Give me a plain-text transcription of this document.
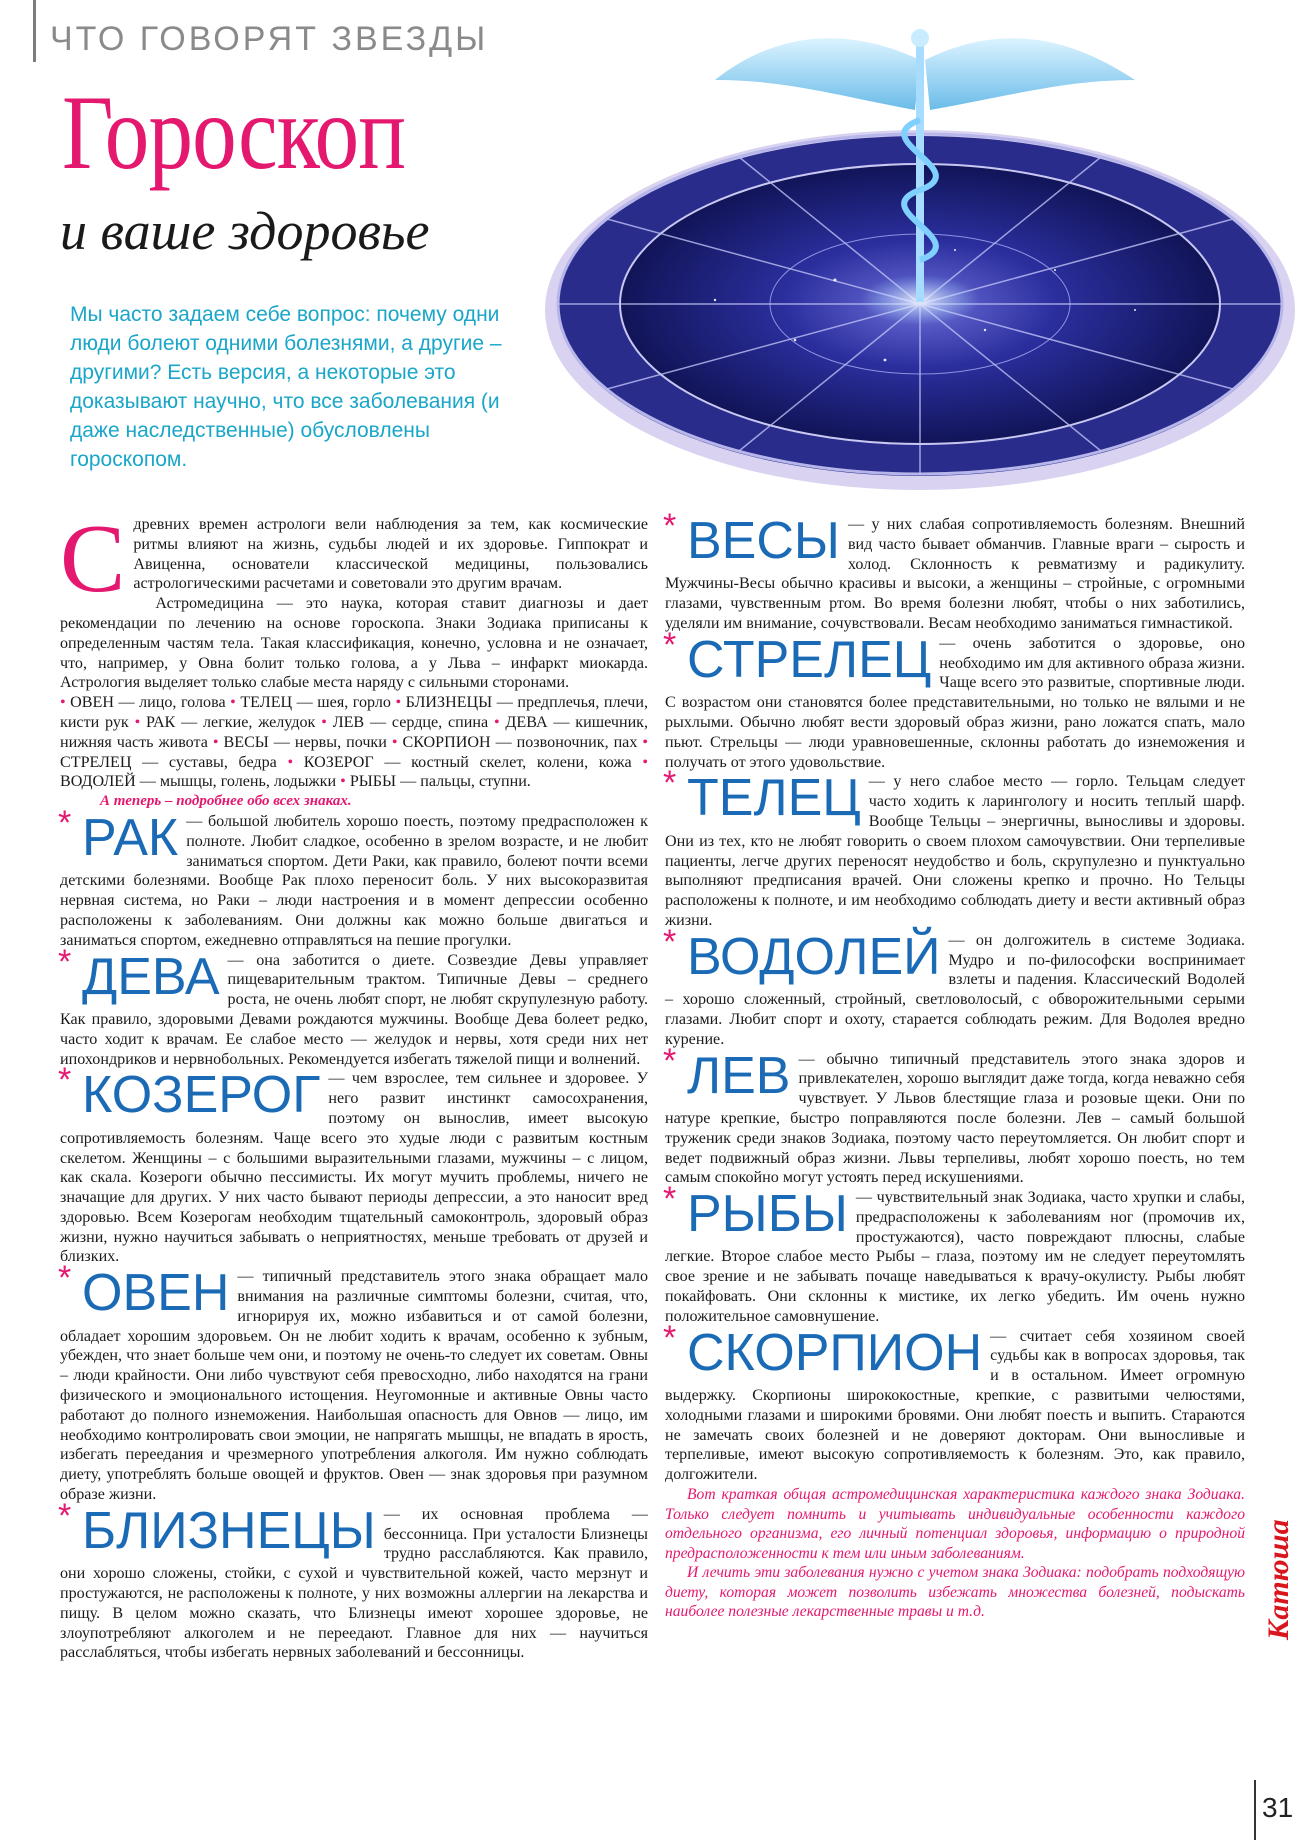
ЧТО ГОВОРЯТ ЗВЕЗДЫ
Гороскоп
и ваше здоровье
Мы часто задаем себе вопрос: почему одни люди болеют одними болезнями, а другие – другими? Есть версия, а некоторые это доказывают научно, что все заболевания (и даже наследственные) обусловлены гороскопом.
С древних времен астрологи вели наблюдения за тем, как космические ритмы влияют на жизнь, судьбы людей и их здоровье. Гиппократ и Авиценна, основатели классической медицины, пользовались астрологическими расчетами и советовали это другим врачам.

Астромедицина — это наука, которая ставит диагнозы и дает рекомендации по лечению на основе гороскопа. Знаки Зодиака приписаны к определенным частям тела. Такая классификация, конечно, условна и не означает, что, например, у Овна болит только голова, а у Льва – инфаркт миокарда. Астрология выделяет только слабые места наряду с сильными сторонами.

• ОВЕН — лицо, голова • ТЕЛЕЦ — шея, горло • БЛИЗНЕЦЫ — предплечья, плечи, кисти рук • РАК — легкие, желудок • ЛЕВ — сердце, спина • ДЕВА — кишечник, нижняя часть живота • ВЕСЫ — нервы, почки • СКОРПИОН — позвоночник, пах • СТРЕЛЕЦ — суставы, бедра • КОЗЕРОГ — костный скелет, колени, кожа • ВОДОЛЕЙ — мышцы, голень, лодыжки • РЫБЫ — пальцы, ступни.

А теперь – подробнее обо всех знаках.

* РАК — большой любитель хорошо поесть, поэтому предрасположен к полноте. Любит сладкое, особенно в зрелом возрасте, и не любит заниматься спортом. Дети Раки, как правило, болеют почти всеми детскими болезнями. Вообще Рак плохо переносит боль. У них высокоразвитая нервная система, но Раки – люди настроения и в момент депрессии особенно расположены к заболеваниям. Они должны как можно больше двигаться и заниматься спортом, ежедневно отправляться на пешие прогулки.

* ДЕВА — она заботится о диете. Созвездие Девы управляет пищеварительным трактом. Типичные Девы – среднего роста, не очень любят спорт, не любят скрупулезную работу. Как правило, здоровыми Девами рождаются мужчины. Вообще Дева болеет редко, часто ходит к врачам. Ее слабое место — желудок и нервы, хотя среди них нет ипохондриков и нервнобольных. Рекомендуется избегать тяжелой пищи и волнений.

* КОЗЕРОГ — чем взрослее, тем сильнее и здоровее. У него развит инстинкт самосохранения, поэтому он вынослив, имеет высокую сопротивляемость болезням. Чаще всего это худые люди с развитым костным скелетом. Женщины – с большими выразительными глазами, мужчины – с лицом, как скала. Козероги обычно пессимисты. Их могут мучить проблемы, ничего не значащие для других. У них часто бывают периоды депрессии, а это наносит вред здоровью. Всем Козерогам необходим тщательный самоконтроль, здоровый образ жизни, нужно научиться забывать о неприятностях, меньше требовать от друзей и близких.

* ОВЕН — типичный представитель этого знака обращает мало внимания на различные симптомы болезни, считая, что, игнорируя их, можно избавиться и от самой болезни, обладает хорошим здоровьем. Он не любит ходить к врачам, особенно к зубным, убежден, что знает больше чем они, и поэтому не очень-то следует их советам. Овны – люди крайности. Они либо чувствуют себя превосходно, либо находятся на грани физического и эмоционального истощения. Неугомонные и активные Овны часто работают до полного изнеможения. Наибольшая опасность для Овнов — лицо, им необходимо контролировать свои эмоции, не напрягать мышцы, не впадать в ярость, избегать переедания и чрезмерного употребления алкоголя. Им нужно соблюдать диету, употреблять больше овощей и фруктов. Овен — знак здоровья при разумном образе жизни.

* БЛИЗНЕЦЫ — их основная проблема — бессонница. При усталости Близнецы трудно расслабляются. Как правило, они хорошо сложены, стойки, с сухой и чувствительной кожей, часто мерзнут и простужаются, не расположены к полноте, у них возможны аллергии на лекарства и пищу. В целом можно сказать, что Близнецы имеют хорошее здоровье, не злоупотребляют алкоголем и не переедают. Главное для них — научиться расслабляться, чтобы избегать нервных заболеваний и бессонницы.

* ВЕСЫ — у них слабая сопротивляемость болезням. Внешний вид часто бывает обманчив. Главные враги – сырость и холод. Склонность к ревматизму и радикулиту. Мужчины-Весы обычно красивы и высоки, а женщины – стройные, с огромными глазами, чувственным ртом. Во время болезни любят, чтобы о них заботились, уделяли им внимание, сочувствовали. Весам необходимо заниматься гимнастикой.

* СТРЕЛЕЦ — очень заботится о здоровье, оно необходимо им для активного образа жизни. Чаще всего это развитые, спортивные люди. С возрастом они становятся более представительными, но только не вялыми и не рыхлыми. Обычно любят вести здоровый образ жизни, рано ложатся спать, мало пьют. Стрельцы — люди уравновешенные, склонны работать до изнеможения и получать от этого удовольствие.

* ТЕЛЕЦ — у него слабое место — горло. Тельцам следует часто ходить к ларингологу и носить теплый шарф. Вообще Тельцы – энергичны, выносливы и здоровы. Они из тех, кто не любят говорить о своем плохом самочувствии. Они терпеливые пациенты, легче других переносят неудобство и боль, скрупулезно и пунктуально выполняют предписания врачей. Они сложены крепко и прочно. Но Тельцы расположены к полноте, и им необходимо соблюдать диету и вести активный образ жизни.

* ВОДОЛЕЙ — он долгожитель в системе Зодиака. Мудро и по-философски воспринимает взлеты и падения. Классический Водолей – хорошо сложенный, стройный, светловолосый, с обворожительными серыми глазами. Любит спорт и охоту, старается соблюдать режим. Для Водолея вредно курение.

* ЛЕВ — обычно типичный представитель этого знака здоров и привлекателен, хорошо выглядит даже тогда, когда неважно себя чувствует. У Львов блестящие глаза и розовые щеки. Они по натуре крепкие, быстро поправляются после болезни. Лев – самый большой труженик среди знаков Зодиака, поэтому часто переутомляется. Он любит спорт и ведет подвижный образ жизни. Львы терпеливы, любят хорошо поесть, но тем самым спокойно могут устоять перед искушениями.

* РЫБЫ — чувствительный знак Зодиака, часто хрупки и слабы, предрасположены к заболеваниям ног (промочив их, простужаются), часто повреждают плюсны, слабые легкие. Второе слабое место Рыбы – глаза, поэтому им не следует переутомлять свое зрение и не забывать почаще наведываться к врачу-окулисту. Рыбы любят покайфовать. Они склонны к мистике, их легко убедить. Им очень нужно положительное самовнушение.

* СКОРПИОН — считает себя хозяином своей судьбы как в вопросах здоровья, так и в остальном. Имеет огромную выдержку. Скорпионы ширококостные, крепкие, с развитыми челюстями, холодными глазами и широкими бровями. Они любят поесть и выпить. Стараются не замечать своих болезней и не доверяют докторам. Они выносливые и терпеливые, имеют высокую сопротивляемость к болезням. Это, как правило, долгожители.

Вот краткая общая астромедицинская характеристика каждого знака Зодиака. Только следует помнить и учитывать индивидуальные особенности каждого отдельного организма, его личный потенциал здоровья, информацию о природной предрасположенности к тем или иным заболеваниям.

И лечить эти заболевания нужно с учетом знака Зодиака: подобрать подходящую диету, которая может позволить избежать множества болезней, подыскать наиболее полезные лекарственные травы и т.д.	Катюша
31
